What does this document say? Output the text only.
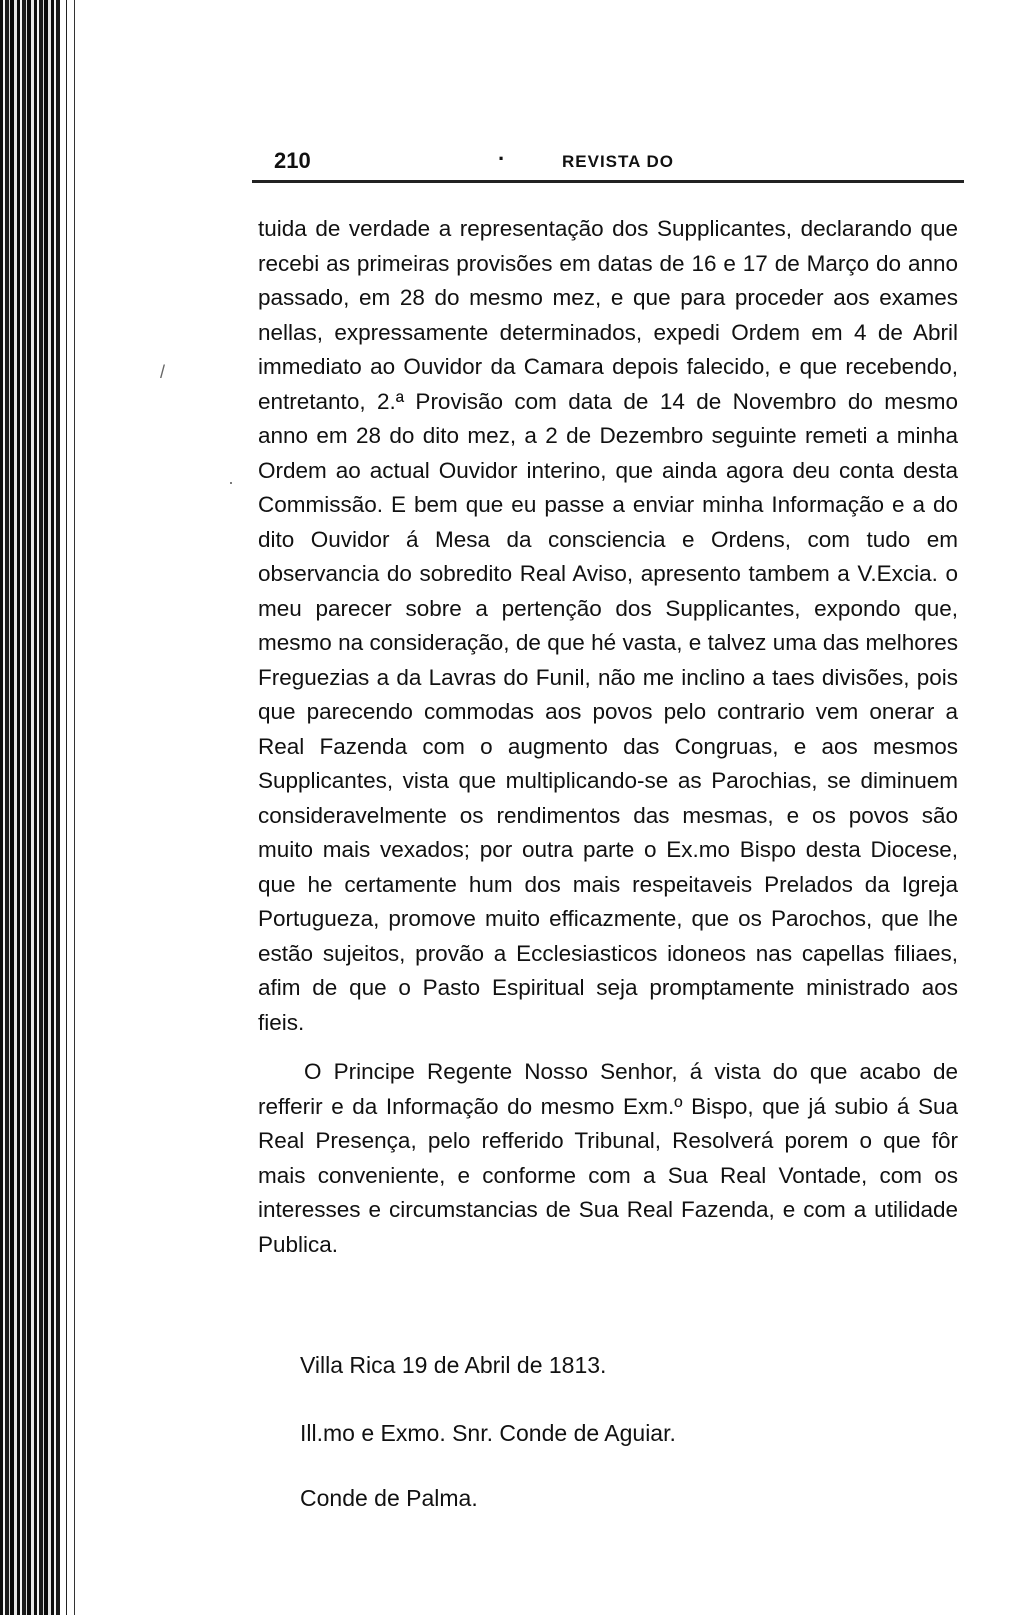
210	·	REVISTA DO

tuida de verdade a representação dos Supplicantes, declarando que recebi as primeiras provisões em datas de 16 e 17 de Março do anno passado, em 28 do mesmo mez, e que para proceder aos exames nellas, expressamente determinados, expedi Ordem em 4 de Abril immediato ao Ouvidor da Camara depois falecido, e que recebendo, entretanto, 2.ª Provisão com data de 14 de Novembro do mesmo anno em 28 do dito mez, a 2 de Dezembro seguinte remeti a minha Ordem ao actual Ouvidor interino, que ainda agora deu conta desta Commissão. E bem que eu passe a enviar minha Informação e a do dito Ouvidor á Mesa da consciencia e Ordens, com tudo em observancia do sobredito Real Aviso, apresento tambem a V.Excia. o meu parecer sobre a pertenção dos Supplicantes, expondo que, mesmo na consideração, de que hé vasta, e talvez uma das melhores Freguezias a da Lavras do Funil, não me inclino a taes divisões, pois que parecendo commodas aos povos pelo contrario vem onerar a Real Fazenda com o augmento das Congruas, e aos mesmos Supplicantes, vista que multiplicando-se as Parochias, se diminuem consideravelmente os rendimentos das mesmas, e os povos são muito mais vexados; por outra parte o Ex.mo Bispo desta Diocese, que he certamente hum dos mais respeitaveis Prelados da Igreja Portugueza, promove muito efficazmente, que os Parochos, que lhe estão sujeitos, provão a Ecclesiasticos idoneos nas capellas filiaes, afim de que o Pasto Espiritual seja promptamente ministrado aos fieis.

O Principe Regente Nosso Senhor, á vista do que acabo de refferir e da Informação do mesmo Exm.º Bispo, que já subio á Sua Real Presença, pelo refferido Tribunal, Resolverá porem o que fôr mais conveniente, e conforme com a Sua Real Vontade, com os interesses e circumstancias de Sua Real Fazenda, e com a utilidade Publica.

Villa Rica 19 de Abril de 1813.
Ill.mo e Exmo. Snr. Conde de Aguiar.
Conde de Palma.
/
·
